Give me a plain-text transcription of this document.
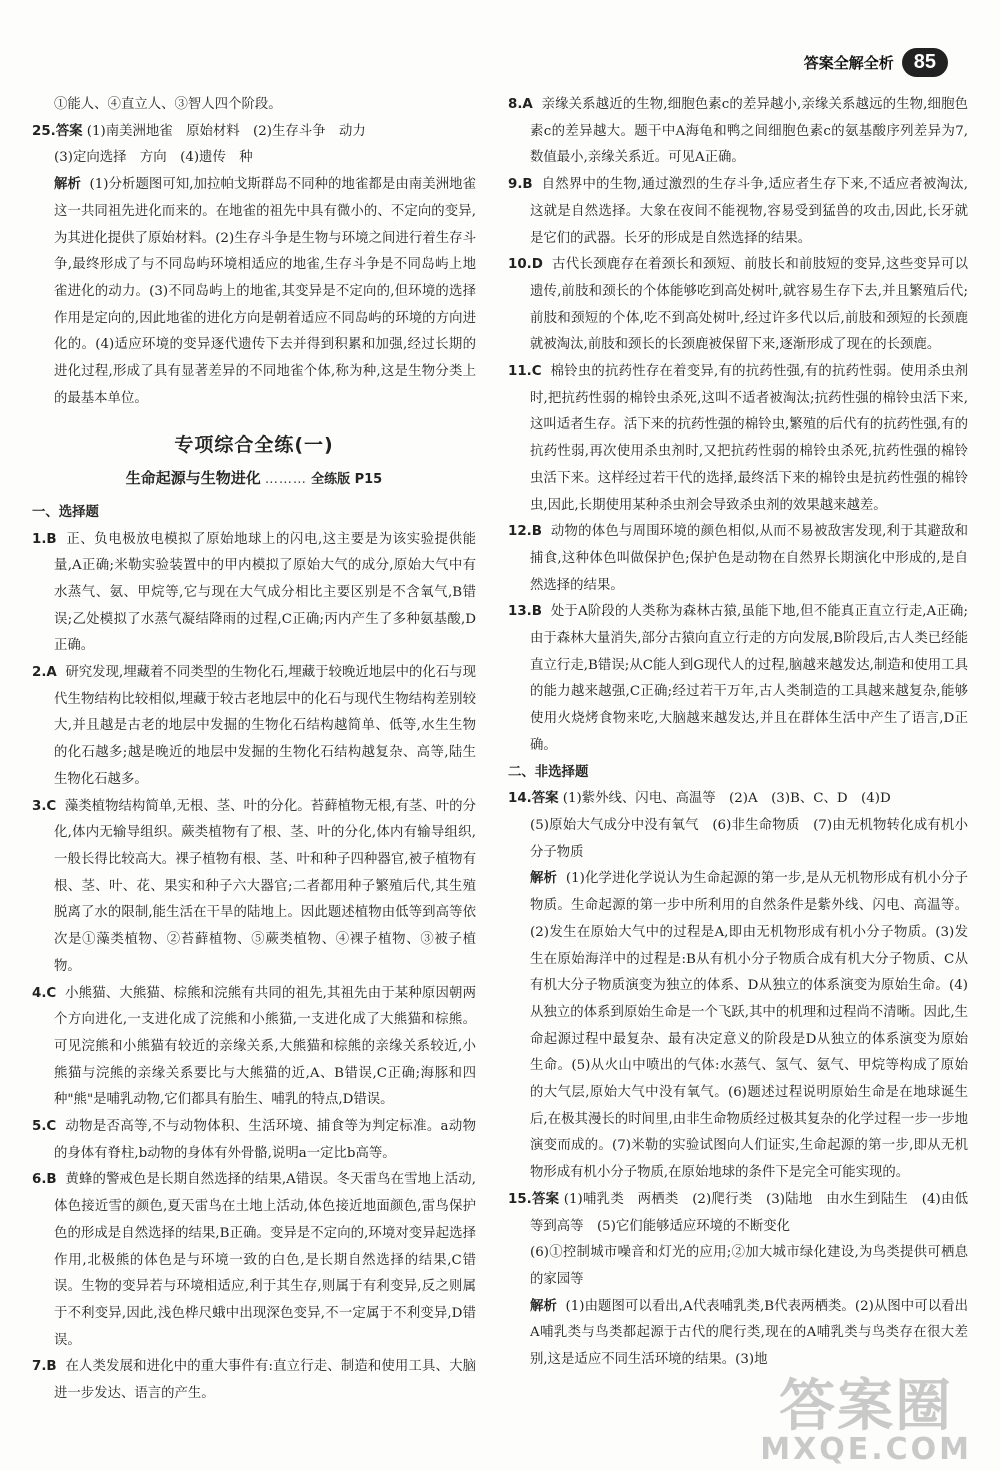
答案全解全析	85

①能人、④直立人、③智人四个阶段。

25.答案 (1)南美洲地雀　原始材料　(2)生存斗争　动力

(3)定向选择　方向　(4)遗传　种

解析 (1)分析题图可知,加拉帕戈斯群岛不同种的地雀都是由南美洲地雀这一共同祖先进化而来的。在地雀的祖先中具有微小的、不定向的变异,为其进化提供了原始材料。(2)生存斗争是生物与环境之间进行着生存斗争,最终形成了与不同岛屿环境相适应的地雀,生存斗争是不同岛屿上地雀进化的动力。(3)不同岛屿上的地雀,其变异是不定向的,但环境的选择作用是定向的,因此地雀的进化方向是朝着适应不同岛屿的环境的方向进化的。(4)适应环境的变异逐代遗传下去并得到积累和加强,经过长期的进化过程,形成了具有显著差异的不同地雀个体,称为种,这是生物分类上的最基本单位。

专项综合全练(一)
生命起源与生物进化 ……… 全练版 P15

一、选择题

1.B 正、负电极放电模拟了原始地球上的闪电,这主要是为该实验提供能量,A正确;米勒实验装置中的甲内模拟了原始大气的成分,原始大气中有水蒸气、氨、甲烷等,它与现在大气成分相比主要区别是不含氧气,B错误;乙处模拟了水蒸气凝结降雨的过程,C正确;丙内产生了多种氨基酸,D正确。

2.A 研究发现,埋藏着不同类型的生物化石,埋藏于较晚近地层中的化石与现代生物结构比较相似,埋藏于较古老地层中的化石与现代生物结构差别较大,并且越是古老的地层中发掘的生物化石结构越简单、低等,水生生物的化石越多;越是晚近的地层中发掘的生物化石结构越复杂、高等,陆生生物化石越多。

3.C 藻类植物结构简单,无根、茎、叶的分化。苔藓植物无根,有茎、叶的分化,体内无输导组织。蕨类植物有了根、茎、叶的分化,体内有输导组织,一般长得比较高大。裸子植物有根、茎、叶和种子四种器官,被子植物有根、茎、叶、花、果实和种子六大器官;二者都用种子繁殖后代,其生殖脱离了水的限制,能生活在干旱的陆地上。因此题述植物由低等到高等依次是①藻类植物、②苔藓植物、⑤蕨类植物、④裸子植物、③被子植物。

4.C 小熊猫、大熊猫、棕熊和浣熊有共同的祖先,其祖先由于某种原因朝两个方向进化,一支进化成了浣熊和小熊猫,一支进化成了大熊猫和棕熊。可见浣熊和小熊猫有较近的亲缘关系,大熊猫和棕熊的亲缘关系较近,小熊猫与浣熊的亲缘关系要比与大熊猫的近,A、B错误,C正确;海豚和四种"熊"是哺乳动物,它们都具有胎生、哺乳的特点,D错误。

5.C 动物是否高等,不与动物体积、生活环境、捕食等为判定标准。a动物的身体有脊柱,b动物的身体有外骨骼,说明a一定比b高等。

6.B 黄蜂的警戒色是长期自然选择的结果,A错误。冬天雷鸟在雪地上活动,体色接近雪的颜色,夏天雷鸟在土地上活动,体色接近地面颜色,雷鸟保护色的形成是自然选择的结果,B正确。变异是不定向的,环境对变异起选择作用,北极熊的体色是与环境一致的白色,是长期自然选择的结果,C错误。生物的变异若与环境相适应,利于其生存,则属于有利变异,反之则属于不利变异,因此,浅色桦尺蛾中出现深色变异,不一定属于不利变异,D错误。

7.B 在人类发展和进化中的重大事件有:直立行走、制造和使用工具、大脑进一步发达、语言的产生。

8.A 亲缘关系越近的生物,细胞色素c的差异越小,亲缘关系越远的生物,细胞色素c的差异越大。题干中A海龟和鸭之间细胞色素c的氨基酸序列差异为7,数值最小,亲缘关系近。可见A正确。

9.B 自然界中的生物,通过激烈的生存斗争,适应者生存下来,不适应者被淘汰,这就是自然选择。大象在夜间不能视物,容易受到猛兽的攻击,因此,长牙就是它们的武器。长牙的形成是自然选择的结果。

10.D 古代长颈鹿存在着颈长和颈短、前肢长和前肢短的变异,这些变异可以遗传,前肢和颈长的个体能够吃到高处树叶,就容易生存下去,并且繁殖后代;前肢和颈短的个体,吃不到高处树叶,经过许多代以后,前肢和颈短的长颈鹿就被淘汰,前肢和颈长的长颈鹿被保留下来,逐渐形成了现在的长颈鹿。

11.C 棉铃虫的抗药性存在着变异,有的抗药性强,有的抗药性弱。使用杀虫剂时,把抗药性弱的棉铃虫杀死,这叫不适者被淘汰;抗药性强的棉铃虫活下来,这叫适者生存。活下来的抗药性强的棉铃虫,繁殖的后代有的抗药性强,有的抗药性弱,再次使用杀虫剂时,又把抗药性弱的棉铃虫杀死,抗药性强的棉铃虫活下来。这样经过若干代的选择,最终活下来的棉铃虫是抗药性强的棉铃虫,因此,长期使用某种杀虫剂会导致杀虫剂的效果越来越差。

12.B 动物的体色与周围环境的颜色相似,从而不易被敌害发现,利于其避敌和捕食,这种体色叫做保护色;保护色是动物在自然界长期演化中形成的,是自然选择的结果。

13.B 处于A阶段的人类称为森林古猿,虽能下地,但不能真正直立行走,A正确;由于森林大量消失,部分古猿向直立行走的方向发展,B阶段后,古人类已经能直立行走,B错误;从C能人到G现代人的过程,脑越来越发达,制造和使用工具的能力越来越强,C正确;经过若干万年,古人类制造的工具越来越复杂,能够使用火烧烤食物来吃,大脑越来越发达,并且在群体生活中产生了语言,D正确。

二、非选择题

14.答案 (1)紫外线、闪电、高温等　(2)A　(3)B、C、D　(4)D

(5)原始大气成分中没有氧气　(6)非生命物质　(7)由无机物转化成有机小分子物质

解析 (1)化学进化学说认为生命起源的第一步,是从无机物形成有机小分子物质。生命起源的第一步中所利用的自然条件是紫外线、闪电、高温等。(2)发生在原始大气中的过程是A,即由无机物形成有机小分子物质。(3)发生在原始海洋中的过程是:B从有机小分子物质合成有机大分子物质、C从有机大分子物质演变为独立的体系、D从独立的体系演变为原始生命。(4)从独立的体系到原始生命是一个飞跃,其中的机理和过程尚不清晰。因此,生命起源过程中最复杂、最有决定意义的阶段是D从独立的体系演变为原始生命。(5)从火山中喷出的气体:水蒸气、氢气、氨气、甲烷等构成了原始的大气层,原始大气中没有氧气。(6)题述过程说明原始生命是在地球诞生后,在极其漫长的时间里,由非生命物质经过极其复杂的化学过程一步一步地演变而成的。(7)米勒的实验试图向人们证实,生命起源的第一步,即从无机物形成有机小分子物质,在原始地球的条件下是完全可能实现的。

15.答案 (1)哺乳类　两栖类　(2)爬行类　(3)陆地　由水生到陆生　(4)由低等到高等　(5)它们能够适应环境的不断变化

(6)①控制城市噪音和灯光的应用;②加大城市绿化建设,为鸟类提供可栖息的家园等

解析 (1)由题图可以看出,A代表哺乳类,B代表两栖类。(2)从图中可以看出A哺乳类与鸟类都起源于古代的爬行类,现在的A哺乳类与鸟类存在很大差别,这是适应不同生活环境的结果。(3)地

答案圈
MXQE.COM
